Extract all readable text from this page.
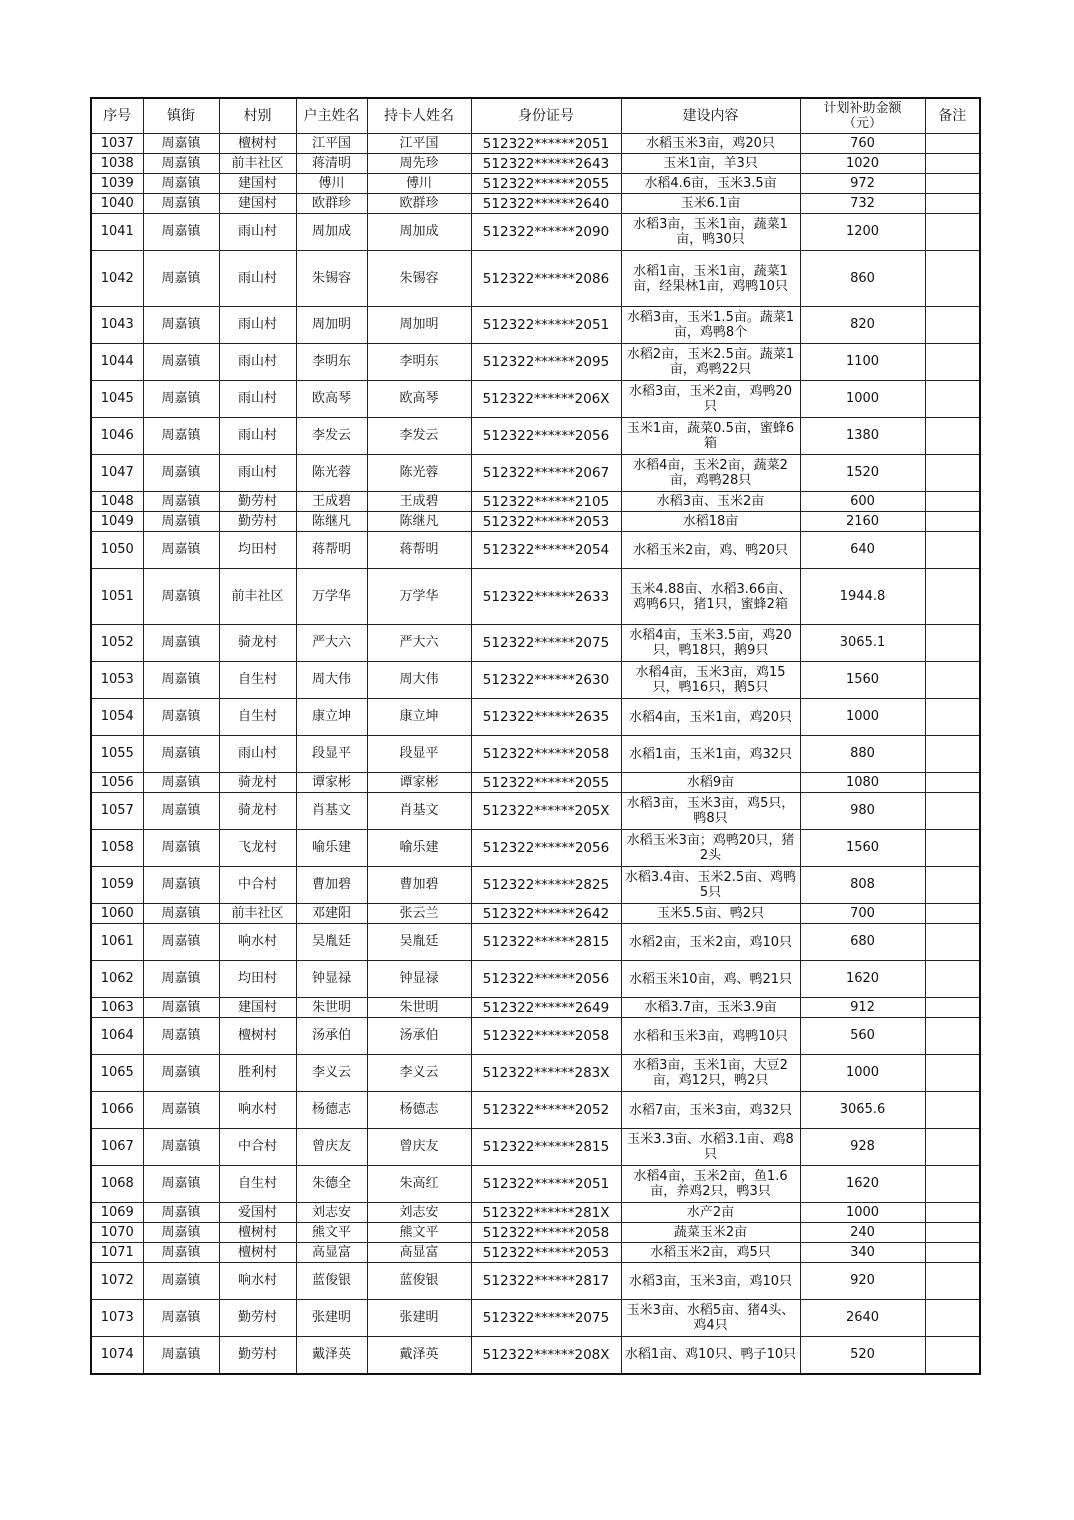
序号	镇街	村别	户主姓名	持卡人姓名	身份证号	建设内容	计划补助金额
（元）	备注
1037	周嘉镇	檀树村	江平国	江平国	512322******2051	水稻玉米3亩，鸡20只	760	
1038	周嘉镇	前丰社区	蒋清明	周先珍	512322******2643	玉米1亩，羊3只	1020	
1039	周嘉镇	建国村	傅川	傅川	512322******2055	水稻4.6亩，玉米3.5亩	972	
1040	周嘉镇	建国村	欧群珍	欧群珍	512322******2640	玉米6.1亩	732	
1041	周嘉镇	雨山村	周加成	周加成	512322******2090	水稻3亩，玉米1亩，蔬菜1亩，鸭30只	1200	
1042	周嘉镇	雨山村	朱锡容	朱锡容	512322******2086	水稻1亩，玉米1亩，蔬菜1亩，经果林1亩，鸡鸭10只	860	
1043	周嘉镇	雨山村	周加明	周加明	512322******2051	水稻3亩，玉米1.5亩。蔬菜1亩，鸡鸭8个	820	
1044	周嘉镇	雨山村	李明东	李明东	512322******2095	水稻2亩，玉米2.5亩。蔬菜1亩，鸡鸭22只	1100	
1045	周嘉镇	雨山村	欧高琴	欧高琴	512322******206X	水稻3亩，玉米2亩，鸡鸭20只	1000	
1046	周嘉镇	雨山村	李发云	李发云	512322******2056	玉米1亩，蔬菜0.5亩，蜜蜂6箱	1380	
1047	周嘉镇	雨山村	陈光蓉	陈光蓉	512322******2067	水稻4亩，玉米2亩，蔬菜2亩，鸡鸭28只	1520	
1048	周嘉镇	勤劳村	王成碧	王成碧	512322******2105	水稻3亩、玉米2亩	600	
1049	周嘉镇	勤劳村	陈继凡	陈继凡	512322******2053	水稻18亩	2160	
1050	周嘉镇	均田村	蒋帮明	蒋帮明	512322******2054	水稻玉米2亩，鸡、鸭20只	640	
1051	周嘉镇	前丰社区	万学华	万学华	512322******2633	玉米4.88亩、水稻3.66亩、鸡鸭6只，猪1只，蜜蜂2箱	1944.8	
1052	周嘉镇	骑龙村	严大六	严大六	512322******2075	水稻4亩，玉米3.5亩，鸡20只，鸭18只，鹅9只	3065.1	
1053	周嘉镇	自生村	周大伟	周大伟	512322******2630	水稻4亩，玉米3亩，鸡15只，鸭16只，鹅5只	1560	
1054	周嘉镇	自生村	康立坤	康立坤	512322******2635	水稻4亩，玉米1亩，鸡20只	1000	
1055	周嘉镇	雨山村	段显平	段显平	512322******2058	水稻1亩，玉米1亩，鸡32只	880	
1056	周嘉镇	骑龙村	谭家彬	谭家彬	512322******2055	水稻9亩	1080	
1057	周嘉镇	骑龙村	肖基文	肖基文	512322******205X	水稻3亩，玉米3亩，鸡5只，鸭8只	980	
1058	周嘉镇	飞龙村	喻乐建	喻乐建	512322******2056	水稻玉米3亩；鸡鸭20只，猪2头	1560	
1059	周嘉镇	中合村	曹加碧	曹加碧	512322******2825	水稻3.4亩、玉米2.5亩、鸡鸭5只	808	
1060	周嘉镇	前丰社区	邓建阳	张云兰	512322******2642	玉米5.5亩、鸭2只	700	
1061	周嘉镇	响水村	吴胤廷	吴胤廷	512322******2815	水稻2亩，玉米2亩，鸡10只	680	
1062	周嘉镇	均田村	钟显禄	钟显禄	512322******2056	水稻玉米10亩，鸡、鸭21只	1620	
1063	周嘉镇	建国村	朱世明	朱世明	512322******2649	水稻3.7亩，玉米3.9亩	912	
1064	周嘉镇	檀树村	汤承伯	汤承伯	512322******2058	水稻和玉米3亩，鸡鸭10只	560	
1065	周嘉镇	胜利村	李义云	李义云	512322******283X	水稻3亩，玉米1亩，大豆2亩，鸡12只，鸭2只	1000	
1066	周嘉镇	响水村	杨德志	杨德志	512322******2052	水稻7亩，玉米3亩，鸡32只	3065.6	
1067	周嘉镇	中合村	曾庆友	曾庆友	512322******2815	玉米3.3亩、水稻3.1亩、鸡8只	928	
1068	周嘉镇	自生村	朱德全	朱高红	512322******2051	水稻4亩，玉米2亩，鱼1.6亩，养鸡2只，鸭3只	1620	
1069	周嘉镇	爱国村	刘志安	刘志安	512322******281X	水产2亩	1000	
1070	周嘉镇	檀树村	熊文平	熊文平	512322******2058	蔬菜玉米2亩	240	
1071	周嘉镇	檀树村	高显富	高显富	512322******2053	水稻玉米2亩，鸡5只	340	
1072	周嘉镇	响水村	蓝俊银	蓝俊银	512322******2817	水稻3亩，玉米3亩，鸡10只	920	
1073	周嘉镇	勤劳村	张建明	张建明	512322******2075	玉米3亩、水稻5亩、猪4头、鸡4只	2640	
1074	周嘉镇	勤劳村	戴泽英	戴泽英	512322******208X	水稻1亩、鸡10只、鸭子10只	520	
